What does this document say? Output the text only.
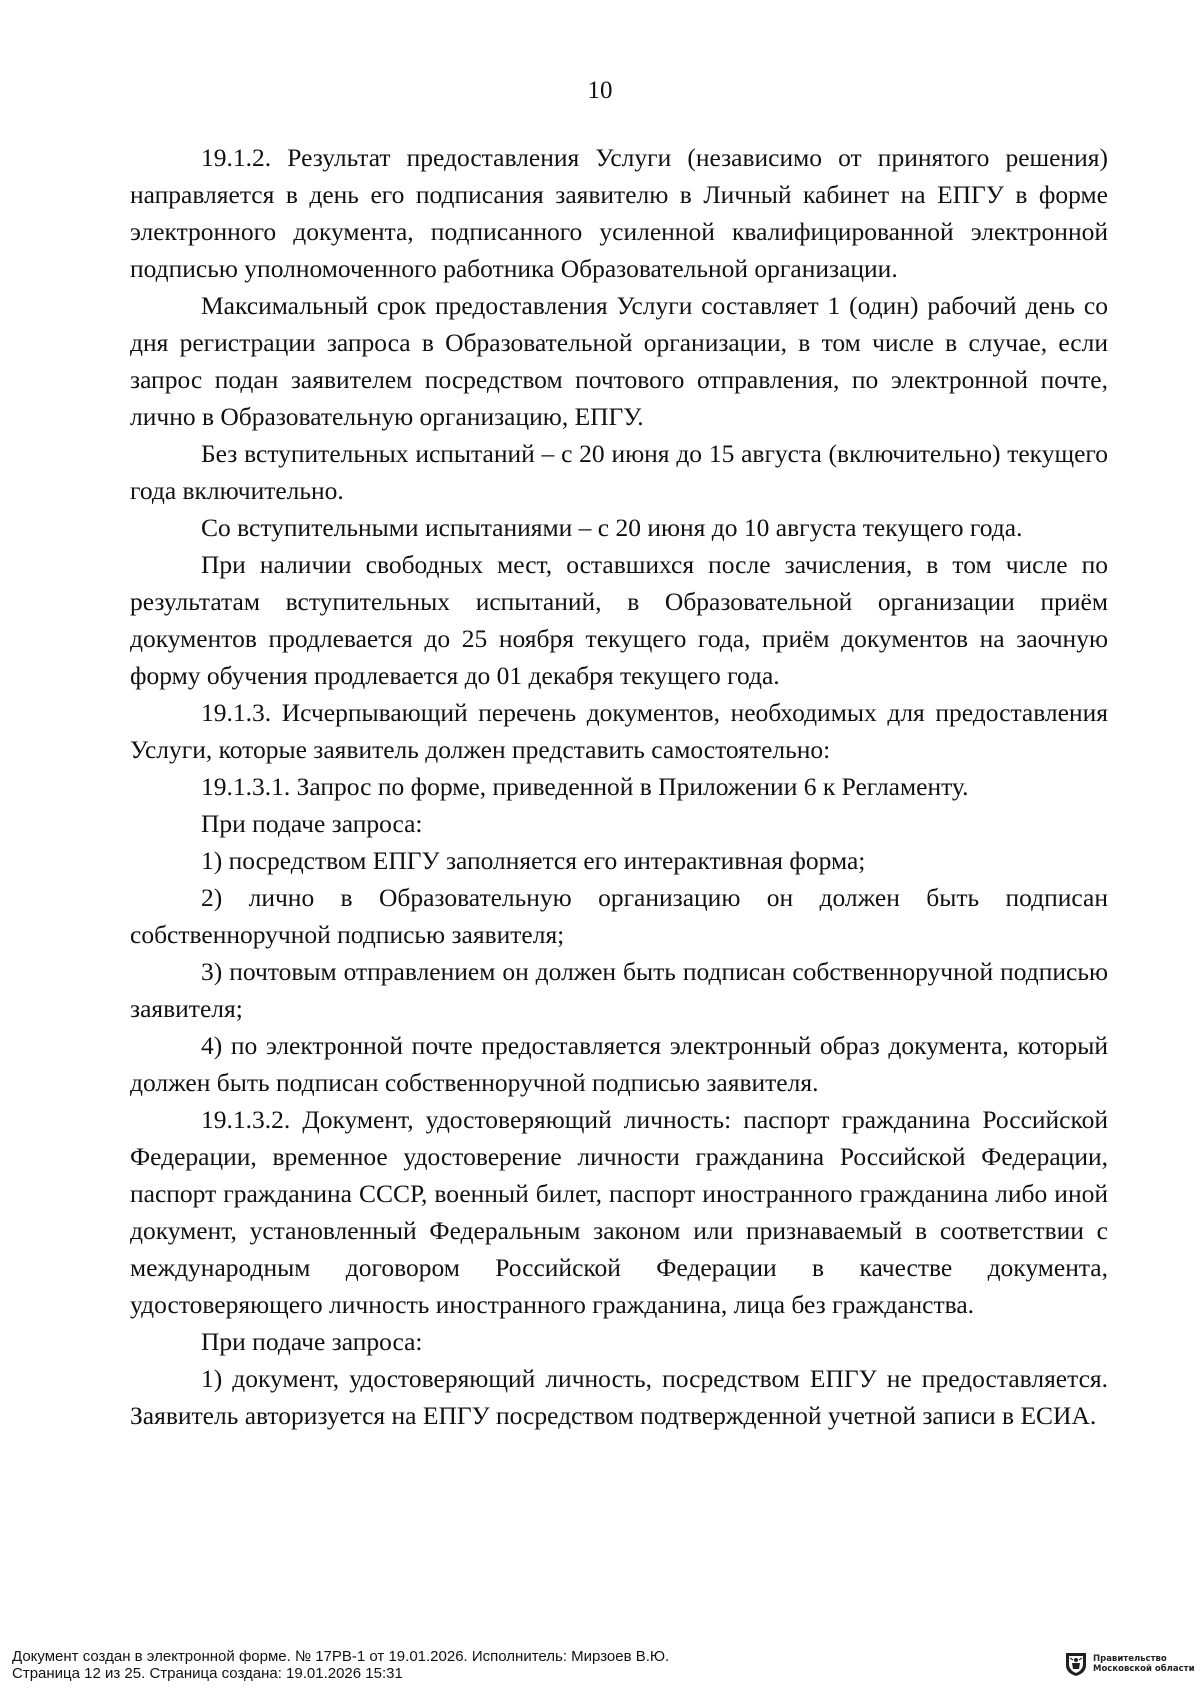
10

19.1.2. Результат предоставления Услуги (независимо от принятого решения) направляется в день его подписания заявителю в Личный кабинет на ЕПГУ в форме электронного документа, подписанного усиленной квалифицированной электронной подписью уполномоченного работника Образовательной организации.

Максимальный срок предоставления Услуги составляет 1 (один) рабочий день со дня регистрации запроса в Образовательной организации, в том числе в случае, если запрос подан заявителем посредством почтового отправления, по электронной почте, лично в Образовательную организацию, ЕПГУ.

Без вступительных испытаний – с 20 июня до 15 августа (включительно) текущего года включительно.

Со вступительными испытаниями – с 20 июня до 10 августа текущего года.

При наличии свободных мест, оставшихся после зачисления, в том числе по результатам вступительных испытаний, в Образовательной организации приём документов продлевается до 25 ноября текущего года, приём документов на заочную форму обучения продлевается до 01 декабря текущего года.

19.1.3. Исчерпывающий перечень документов, необходимых для предоставления Услуги, которые заявитель должен представить самостоятельно:

19.1.3.1. Запрос по форме, приведенной в Приложении 6 к Регламенту.

При подаче запроса:

1) посредством ЕПГУ заполняется его интерактивная форма;

2) лично в Образовательную организацию он должен быть подписан собственноручной подписью заявителя;

3) почтовым отправлением он должен быть подписан собственноручной подписью заявителя;

4) по электронной почте предоставляется электронный образ документа, который должен быть подписан собственноручной подписью заявителя.

19.1.3.2. Документ, удостоверяющий личность: паспорт гражданина Российской Федерации, временное удостоверение личности гражданина Российской Федерации, паспорт гражданина СССР, военный билет, паспорт иностранного гражданина либо иной документ, установленный Федеральным законом или признаваемый в соответствии с международным договором Российской Федерации в качестве документа, удостоверяющего личность иностранного гражданина, лица без гражданства.

При подаче запроса:

1) документ, удостоверяющий личность, посредством ЕПГУ не предоставляется. Заявитель авторизуется на ЕПГУ посредством подтвержденной учетной записи в ЕСИА.

Документ создан в электронной форме. № 17РВ-1 от 19.01.2026. Исполнитель: Мирзоев В.Ю.
Страница 12 из 25. Страница создана: 19.01.2026 15:31
Правительство
Московской области
